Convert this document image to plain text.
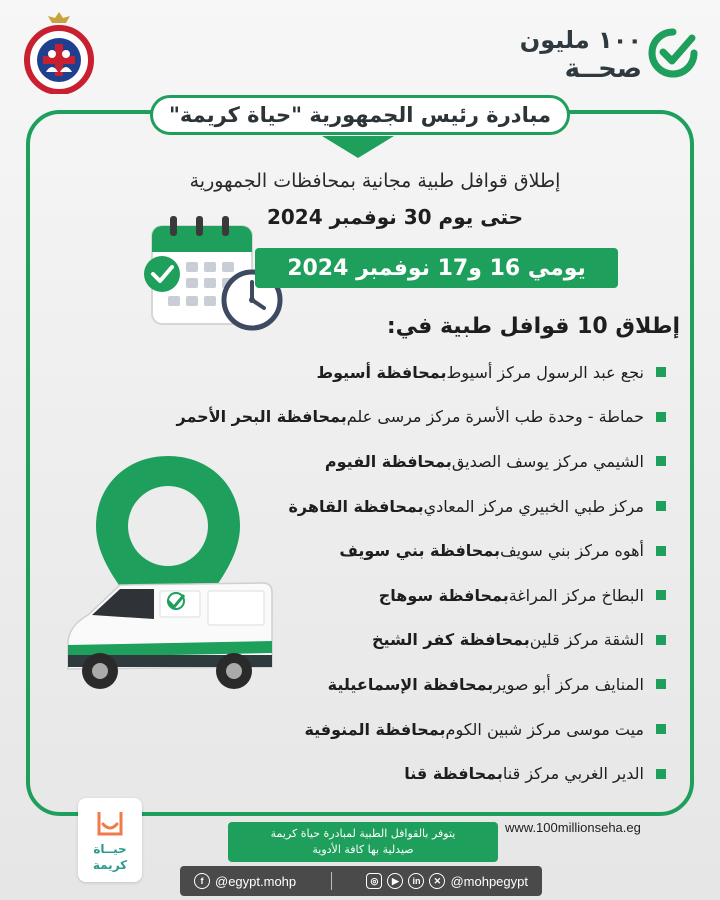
١٠٠ مليون
صحــة
مبادرة رئيس الجمهورية "حياة كريمة"
إطلاق قوافل طبية مجانية بمحافظات الجمهورية
حتى يوم 30 نوفمبر 2024
يومي 16 و17 نوفمبر 2024
إطلاق 10 قوافل طبية في:
نجع عبد الرسول مركز أسيوط
بمحافظة أسيوط
حماطة - وحدة طب الأسرة مركز مرسى علم
بمحافظة البحر الأحمر
الشيمي مركز يوسف الصديق
بمحافظة الفيوم
مركز طبي الخبيري مركز المعادي
بمحافظة القاهرة
أهوه مركز بني سويف
بمحافظة بني سويف
البطاخ مركز المراغة
بمحافظة سوهاج
الشقة مركز قلين
بمحافظة كفر الشيخ
المنايف مركز أبو صوير
بمحافظة الإسماعيلية
ميت موسى مركز شبين الكوم
بمحافظة المنوفية
الدير الغربي مركز قنا
بمحافظة قنا
حيــاة
كريمة
يتوفر بالقوافل الطبية لمبادرة حياة كريمة
صيدلية بها كافة الأدوية
www.100millionseha.eg
f @egypt.mohp	◎	▶	in	✕ @mohpegypt
